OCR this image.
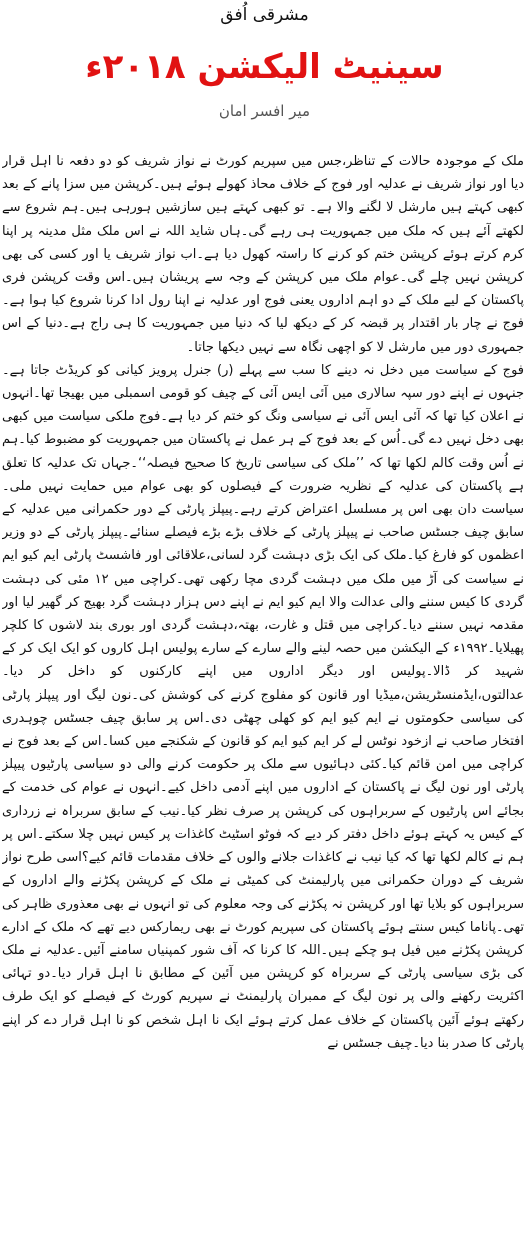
مشرقی اُفق
سینیٹ الیکشن ۲۰۱۸ء
میر افسر امان

ملک کے موجودہ حالات کے تناظر،جس میں سپریم کورٹ نے نواز شریف کو دو دفعہ نا اہل قرار دیا اور نواز شریف نے عدلیہ اور فوج کے خلاف محاذ کھولے ہوئے ہیں۔کرپشن میں سزا پانے کے بعد کبھی کہتے ہیں مارشل لا لگنے والا ہے۔ تو کبھی کہتے ہیں سازشیں ہورہی ہیں۔ہم شروع سے لکھتے آئے ہیں کہ ملک میں جمہوریت ہی رہے گی۔ہاں شاید اللہ نے اس ملک مثل مدینہ پر اپنا کرم کرتے ہوئے کرپشن ختم کو کرنے کا راستہ کھول دیا ہے۔اب نواز شریف یا اور کسی کی بھی کرپشن نہیں چلے گی۔عوام ملک میں کرپشن کے وجہ سے پریشان ہیں۔اس وقت کرپشن فری پاکستان کے لیے ملک کے دو اہم اداروں یعنی فوج اور عدلیہ نے اپنا رول ادا کرنا شروع کیا ہوا ہے۔فوج نے چار بار اقتدار پر قبضہ کر کے دیکھ لیا کہ دنیا میں جمہوریت کا ہی راج ہے۔دنیا کے اس جمہوری دور میں مارشل لا کو اچھی نگاہ سے نہیں دیکھا جاتا۔

فوج کے سیاست میں دخل نہ دینے کا سب سے پہلے (ر) جنرل پرویز کیانی کو کریڈٹ جاتا ہے۔جنہوں نے اپنے دور سپہ سالاری میں آئی ایس آئی کے چیف کو قومی اسمبلی میں بھیجا تھا۔انہوں نے اعلان کیا تھا کہ آئی ایس آئی نے سیاسی ونگ کو ختم کر دیا ہے۔فوج ملکی سیاست میں کبھی بھی دخل نہیں دے گی۔اُس کے بعد فوج کے ہر عمل نے پاکستان میں جمہوریت کو مضبوط کیا۔ہم نے اُس وقت کالم لکھا تھا کہ ’’ملک کی سیاسی تاریخ کا صحیح فیصلہ‘‘۔جہاں تک عدلیہ کا تعلق ہے پاکستان کی عدلیہ کے نظریہ ضرورت کے فیصلوں کو بھی عوام میں حمایت نہیں ملی۔سیاست دان بھی اس پر مسلسل اعتراض کرتے رہے۔پیپلز پارٹی کے دور حکمرانی میں عدلیہ کے سابق چیف جسٹس صاحب نے پیپلز پارٹی کے خلاف بڑے بڑے فیصلے سنائے۔پیپلز پارٹی کے دو وزیر اعظموں کو فارغ کیا۔ملک کی ایک بڑی دہشت گرد لسانی،علاقائی اور فاشسٹ پارٹی ایم کیو ایم نے سیاست کی آڑ میں ملک میں دہشت گردی مچا رکھی تھی۔کراچی میں ۱۲ مئی کی دہشت گردی کا کیس سننے والی عدالت والا ایم کیو ایم نے اپنے دس ہزار دہشت گرد بھیج کر گھیر لیا اور مقدمہ نہیں سننے دیا۔کراچی میں قتل و غارت، بھتہ،دہشت گردی اور بوری بند لاشوں کا کلچر پھیلایا۔۱۹۹۲ء کے الیکشن میں حصہ لینے والے سارے کے سارے پولیس اہل کاروں کو ایک ایک کر کے شہید کر ڈالا۔پولیس اور دیگر اداروں میں اپنے کارکنوں کو داخل کر دیا۔عدالتوں،ایڈمنسٹریشن،میڈیا اور قانون کو مفلوج کرنے کی کوشش کی۔نون لیگ اور پیپلز پارٹی کی سیاسی حکومتوں نے ایم کیو ایم کو کھلی چھٹی دی۔اس پر سابق چیف جسٹس چوہدری افتخار صاحب نے ازخود نوٹس لے کر ایم کیو ایم کو قانون کے شکنجے میں کسا۔اس کے بعد فوج نے کراچی میں امن قائم کیا۔کئی دہائیوں سے ملک پر حکومت کرنے والی دو سیاسی پارٹیوں پیپلز پارٹی اور نون لیگ نے پاکستان کے اداروں میں اپنے آدمی داخل کیے۔انہوں نے عوام کی خدمت کے بجائے اس پارٹیوں کے سربراہوں کی کرپشن پر صرف نظر کیا۔نیب کے سابق سربراہ نے زرداری کے کیس یہ کہتے ہوئے داخل دفتر کر دیے کہ فوٹو اسٹیٹ کاغذات پر کیس نہیں چلا سکتے۔اس پر ہم نے کالم لکھا تھا کہ کیا نیب نے کاغذات جلانے والوں کے خلاف مقدمات قائم کیے؟اسی طرح نواز شریف کے دوران حکمرانی میں پارلیمنٹ کی کمیٹی نے ملک کے کرپشن پکڑنے والے اداروں کے سربراہوں کو بلایا تھا اور کرپشن نہ پکڑنے کی وجہ معلوم کی تو انہوں نے بھی معذوری ظاہر کی تھی۔پاناما کیس سنتے ہوئے پاکستان کی سپریم کورٹ نے بھی ریمارکس دیے تھے کہ ملک کے ادارے کرپشن پکڑنے میں فیل ہو چکے ہیں۔اللہ کا کرنا کہ آف شور کمپنیاں سامنے آئیں۔عدلیہ نے ملک کی بڑی سیاسی پارٹی کے سربراہ کو کرپشن میں آئین کے مطابق نا اہل قرار دیا۔دو تہائی اکثریت رکھنے والی پر نون لیگ کے ممبران پارلیمنٹ نے سپریم کورٹ کے فیصلے کو ایک طرف رکھتے ہوئے آئین پاکستان کے خلاف عمل کرتے ہوئے ایک نا اہل شخص کو نا اہل قرار دے کر اپنے پارٹی کا صدر بنا دیا۔چیف جسٹس نے
